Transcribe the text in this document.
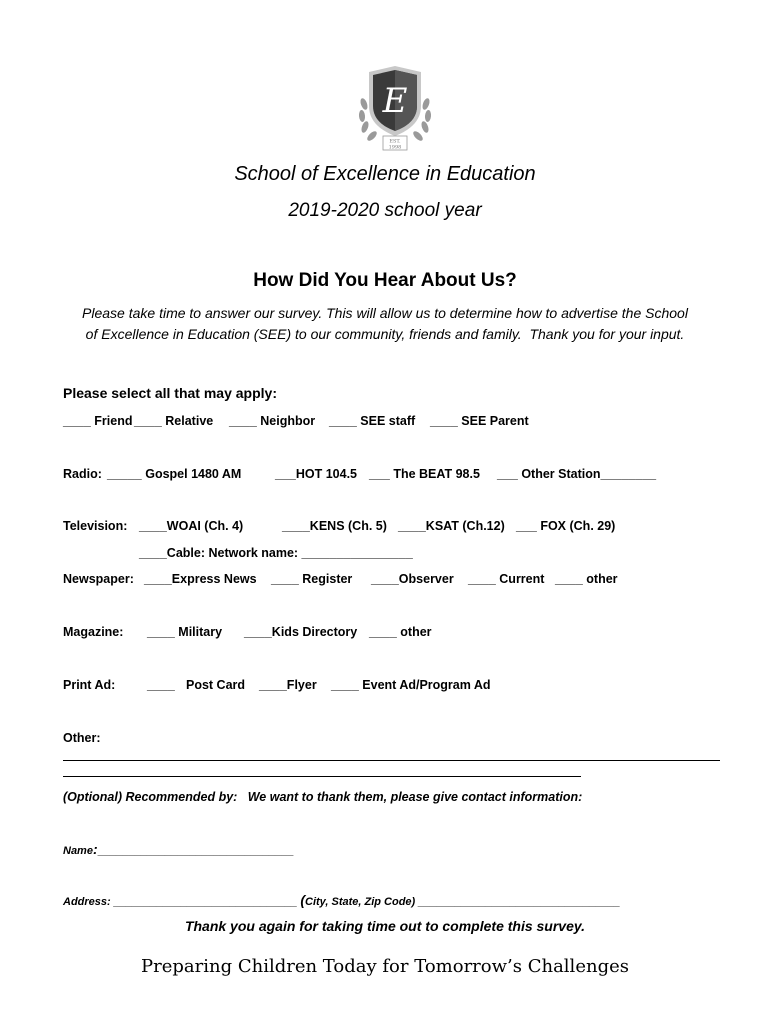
E
EST.
1998
School of Excellence in Education
2019-2020 school year
How Did You Hear About Us?
Please take time to answer our survey. This will allow us to determine how to advertise the School
of Excellence in Education (SEE) to our community, friends and family.  Thank you for your input.
Please select all that may apply:
____ Friend ____ Relative ____ Neighbor ____ SEE staff ____ SEE Parent
Radio: _____ Gospel 1480 AM	___HOT 104.5 ___ The BEAT 98.5 ___ Other Station________
Television: ____WOAI (Ch. 4)	____KENS (Ch. 5) ____KSAT (Ch.12) ___ FOX (Ch. 29)
____Cable: Network name: ________________
Newspaper: ____Express News ____ Register ____Observer ____ Current ____ other
Magazine: ____ Military ____Kids Directory ____ other
Print Ad:	____ Post Card ____Flyer ____ Event Ad/Program Ad
Other:
(Optional) Recommended by:   We want to thank them, please give contact information:
Name:________________________________
Address: ______________________________ (City, State, Zip Code) _________________________________
Thank you again for taking time out to complete this survey.
Preparing Children Today for Tomorrow’s Challenges
